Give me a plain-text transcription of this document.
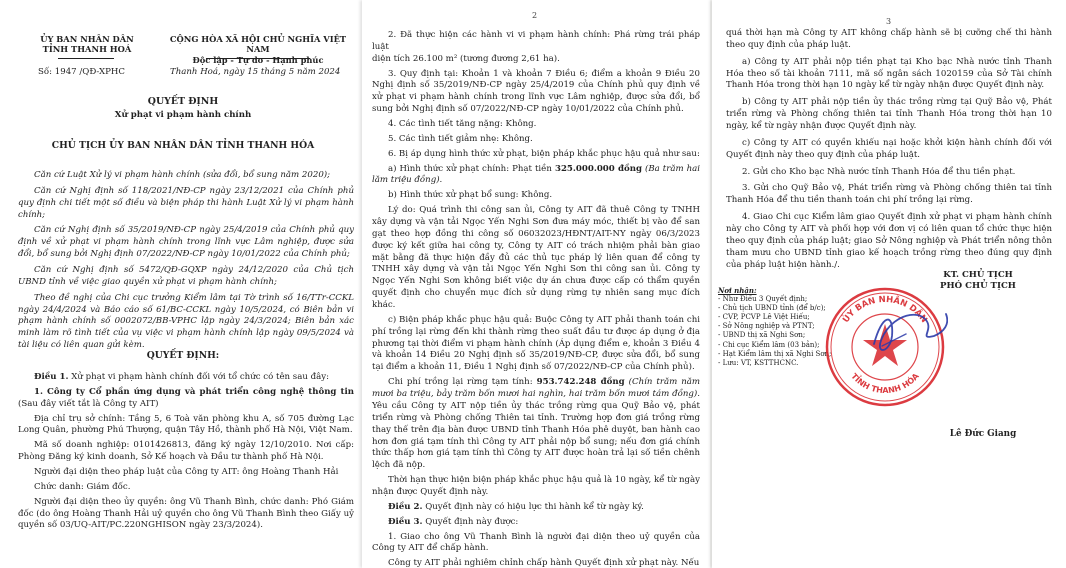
ỦY BAN NHÂN DÂN
TỈNH THANH HOÁ
CỘNG HÒA XÃ HỘI CHỦ NGHĨA VIỆT NAM
Độc lập - Tự do - Hạnh phúc
Số: 1947 /QĐ-XPHC	Thanh Hoá, ngày 15 tháng 5 năm 2024
QUYẾT ĐỊNH
Xử phạt vi phạm hành chính
CHỦ TỊCH ỦY BAN NHÂN DÂN TỈNH THANH HÓA

Căn cứ Luật Xử lý vi phạm hành chính (sửa đổi, bổ sung năm 2020);

Căn cứ Nghị định số 118/2021/NĐ-CP ngày 23/12/2021 của Chính phủ quy định chi tiết một số điều và biện pháp thi hành Luật Xử lý vi phạm hành chính;

Căn cứ Nghị định số 35/2019/NĐ-CP ngày 25/4/2019 của Chính phủ quy định về xử phạt vi phạm hành chính trong lĩnh vực Lâm nghiệp, được sửa đổi, bổ sung bởi Nghị định 07/2022/NĐ-CP ngày 10/01/2022 của Chính phủ;

Căn cứ Nghị định số 5472/QĐ-GQXP ngày 24/12/2020 của Chủ tịch UBND tỉnh về việc giao quyền xử phạt vi phạm hành chính;

Theo đề nghị của Chi cục trưởng Kiểm lâm tại Tờ trình số 16/TTr-CCKL ngày 24/4/2024 và Báo cáo số 61/BC-CCKL ngày 10/5/2024, có Biên bản vi phạm hành chính số 0002072/BB-VPHC lập ngày 24/3/2024; Biên bản xác minh làm rõ tình tiết của vụ việc vi phạm hành chính lập ngày 09/5/2024 và tài liệu có liên quan gửi kèm.

QUYẾT ĐỊNH:

Điều 1. Xử phạt vi phạm hành chính đối với tổ chức có tên sau đây:

1. Công ty Cổ phần ứng dụng và phát triển công nghệ thông tin (Sau đây viết tắt là Công ty AIT)

Địa chỉ trụ sở chính: Tầng 5, 6 Toà văn phòng khu A, số 705 đường Lạc Long Quân, phường Phú Thượng, quận Tây Hồ, thành phố Hà Nội, Việt Nam.

Mã số doanh nghiệp: 0101426813, đăng ký ngày 12/10/2010. Nơi cấp: Phòng Đăng ký kinh doanh, Sở Kế hoạch và Đầu tư thành phố Hà Nội.

Người đại diện theo pháp luật của Công ty AIT: ông Hoàng Thanh Hải

Chức danh: Giám đốc.

Người đại diện theo ủy quyền: ông Vũ Thanh Bình, chức danh: Phó Giám đốc (do ông Hoàng Thanh Hải uỷ quyền cho ông Vũ Thanh Bình theo Giấy uỷ quyền số 03/UQ-AIT/PC.220NGHISON ngày 23/3/2024).

2

2. Đã thực hiện các hành vi vi phạm hành chính: Phá rừng trái pháp luật

diện tích 26.100 m² (tương đương 2,61 ha).

3. Quy định tại: Khoản 1 và khoản 7 Điều 6; điểm a khoản 9 Điều 20 Nghị định số 35/2019/NĐ-CP ngày 25/4/2019 của Chính phủ quy định về xử phạt vi phạm hành chính trong lĩnh vực Lâm nghiệp, được sửa đổi, bổ sung bởi Nghị định số 07/2022/NĐ-CP ngày 10/01/2022 của Chính phủ.

4. Các tình tiết tăng nặng: Không.

5. Các tình tiết giảm nhẹ: Không.

6. Bị áp dụng hình thức xử phạt, biện pháp khắc phục hậu quả như sau:

a) Hình thức xử phạt chính: Phạt tiền 325.000.000 đồng (Ba trăm hai lăm triệu đồng).

b) Hình thức xử phạt bổ sung: Không.

Lý do: Quá trình thi công san ủi, Công ty AIT đã thuê Công ty TNHH xây dựng và vận tải Ngọc Yến Nghi Sơn đưa máy móc, thiết bị vào để san gạt theo hợp đồng thi công số 06032023/HĐNT/AIT-NY ngày 06/3/2023 được ký kết giữa hai công ty, Công ty AIT có trách nhiệm phải bàn giao mặt bằng đã thực hiện đầy đủ các thủ tục pháp lý liên quan để công ty TNHH xây dựng và vận tải Ngọc Yến Nghi Sơn thi công san ủi. Công ty Ngọc Yến Nghi Sơn không biết việc dự án chưa được cấp có thẩm quyền quyết định cho chuyển mục đích sử dụng rừng tự nhiên sang mục đích khác.

c) Biện pháp khắc phục hậu quả: Buộc Công ty AIT phải thanh toán chi phí trồng lại rừng đến khi thành rừng theo suất đầu tư được áp dụng ở địa phương tại thời điểm vi phạm hành chính (Áp dụng điểm e, khoản 3 Điều 4 và khoản 14 Điều 20 Nghị định số 35/2019/NĐ-CP, được sửa đổi, bổ sung tại điểm a khoản 11, Điều 1 Nghị định số 07/2022/NĐ-CP của Chính phủ).

Chi phí trồng lại rừng tạm tính: 953.742.248 đồng (Chín trăm năm mươi ba triệu, bảy trăm bốn mươi hai nghìn, hai trăm bốn mươi tám đồng). Yêu cầu Công ty AIT nộp tiền ủy thác trồng rừng qua Quỹ Bảo vệ, phát triển rừng và Phòng chống Thiên tai tỉnh. Trường hợp đơn giá trồng rừng thay thế trên địa bàn được UBND tỉnh Thanh Hóa phê duyệt, ban hành cao hơn đơn giá tạm tính thì Công ty AIT phải nộp bổ sung; nếu đơn giá chính thức thấp hơn giá tạm tính thì Công ty AIT được hoàn trả lại số tiền chênh lệch đã nộp.

Thời hạn thực hiện biện pháp khắc phục hậu quả là 10 ngày, kể từ ngày nhận được Quyết định này.

Điều 2. Quyết định này có hiệu lực thi hành kể từ ngày ký.

Điều 3. Quyết định này được:

1. Giao cho ông Vũ Thanh Bình là người đại diện theo uỷ quyền của Công ty AIT để chấp hành.

Công ty AIT phải nghiêm chỉnh chấp hành Quyết định xử phạt này. Nếu

3

quá thời hạn mà Công ty AIT không chấp hành sẽ bị cưỡng chế thi hành theo quy định của pháp luật.

a) Công ty AIT phải nộp tiền phạt tại Kho bạc Nhà nước tỉnh Thanh Hóa theo số tài khoản 7111, mã số ngân sách 1020159 của Sở Tài chính Thanh Hóa trong thời hạn 10 ngày kể từ ngày nhận được Quyết định này.

b) Công ty AIT phải nộp tiền ủy thác trồng rừng tại Quỹ Bảo vệ, Phát triển rừng và Phòng chống thiên tai tỉnh Thanh Hóa trong thời hạn 10 ngày, kể từ ngày nhận được Quyết định này.

c) Công ty AIT có quyền khiếu nại hoặc khởi kiện hành chính đối với Quyết định này theo quy định của pháp luật.

2. Gửi cho Kho bạc Nhà nước tỉnh Thanh Hóa để thu tiền phạt.

3. Gửi cho Quỹ Bảo vệ, Phát triển rừng và Phòng chống thiên tai tỉnh Thanh Hóa để thu tiền thanh toán chi phí trồng lại rừng.

4. Giao Chi cục Kiểm lâm giao Quyết định xử phạt vi phạm hành chính này cho Công ty AIT và phối hợp với đơn vị có liên quan tổ chức thực hiện theo quy định của pháp luật; giao Sở Nông nghiệp và Phát triển nông thôn tham mưu cho UBND tỉnh giao kế hoạch trồng rừng theo đúng quy định của pháp luật hiện hành./.

Nơi nhận:
- Như Điều 3 Quyết định;
- Chủ tịch UBND tỉnh (để b/c);
- CVP, PCVP Lê Việt Hiếu;
- Sở Nông nghiệp và PTNT;
- UBND thị xã Nghi Sơn;
- Chi cục Kiểm lâm (03 bản);
- Hạt Kiểm lâm thị xã Nghi Sơn;
- Lưu: VT, KSTTHCNC.
KT. CHỦ TỊCH
PHÓ CHỦ TỊCH
ỦY BAN NHÂN DÂN
TỈNH THANH HÓA
Lê Đức Giang
